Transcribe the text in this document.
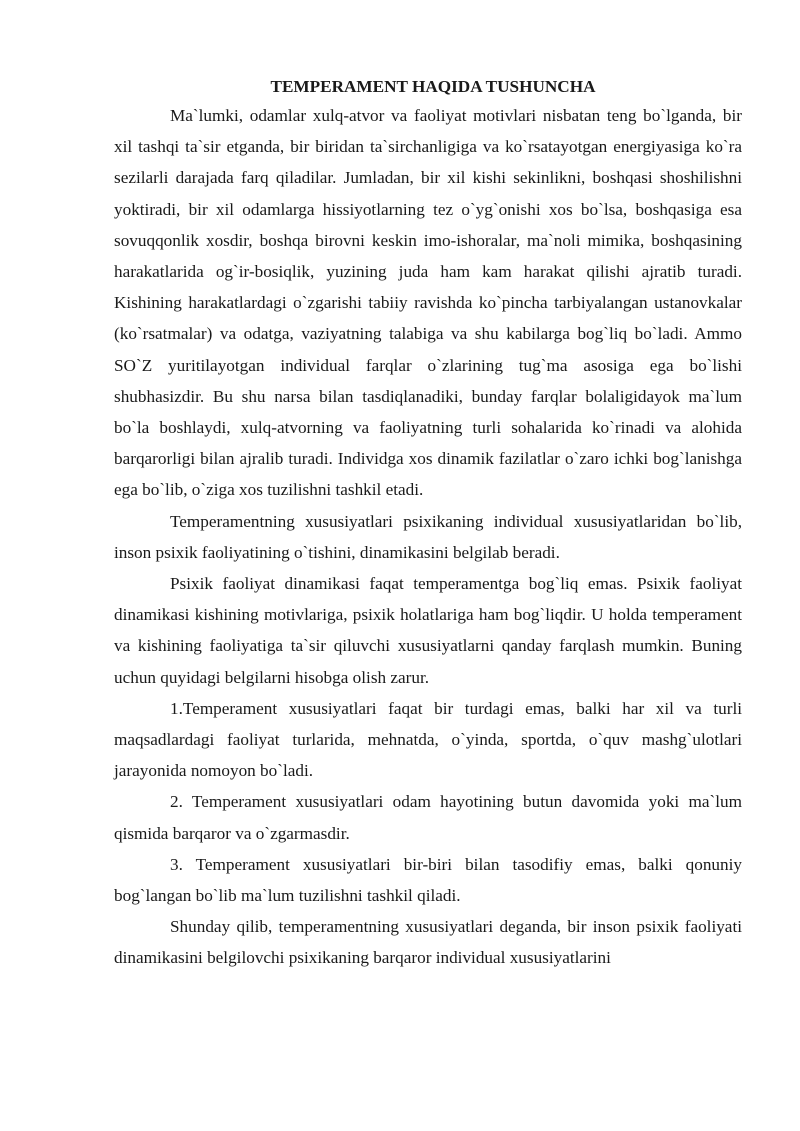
TEMPERAMENT HAQIDA TUSHUNCHA

Ma`lumki, odamlar xulq-atvor va faoliyat motivlari nisbatan teng bo`lganda, bir xil tashqi ta`sir etganda, bir biridan ta`sirchanligiga va ko`rsatayotgan energiyasiga ko`ra sezilarli darajada farq qiladilar. Jumladan, bir xil kishi sekinlikni, boshqasi shoshilishni yoktiradi, bir xil odamlarga hissiyotlarning tez o`yg`onishi xos bo`lsa, boshqasiga esa sovuqqonlik xosdir, boshqa birovni keskin imo-ishoralar, ma`noli mimika, boshqasining harakatlarida og`ir-bosiqlik, yuzining juda ham kam harakat qilishi ajratib turadi. Kishining harakatlardagi o`zgarishi tabiiy ravishda ko`pincha tarbiyalangan ustanovkalar (ko`rsatmalar) va odatga, vaziyatning talabiga va shu kabilarga bog`liq bo`ladi. Ammo SO`Z yuritilayotgan individual farqlar o`zlarining tug`ma asosiga ega bo`lishi shubhasizdir. Bu shu narsa bilan tasdiqlanadiki, bunday farqlar bolaligidayok ma`lum bo`la boshlaydi, xulq-atvorning va faoliyatning turli sohalarida ko`rinadi va alohida barqarorligi bilan ajralib turadi. Individga xos dinamik fazilatlar o`zaro ichki bog`lanishga ega bo`lib, o`ziga xos tuzilishni tashkil etadi.

Temperamentning xususiyatlari psixikaning individual xususiyatlaridan bo`lib, inson psixik faoliyatining o`tishini, dinamikasini belgilab beradi.

Psixik faoliyat dinamikasi faqat temperamentga bog`liq emas. Psixik faoliyat dinamikasi kishining motivlariga, psixik holatlariga ham bog`liqdir. U holda temperament va kishining faoliyatiga ta`sir qiluvchi xususiyatlarni qanday farqlash mumkin. Buning uchun quyidagi belgilarni hisobga olish zarur.

1.Temperament xususiyatlari faqat bir turdagi emas, balki har xil va turli maqsadlardagi faoliyat turlarida, mehnatda, o`yinda, sportda, o`quv mashg`ulotlari jarayonida nomoyon bo`ladi.

2. Temperament xususiyatlari odam hayotining butun davomida yoki ma`lum qismida barqaror va o`zgarmasdir.

3. Temperament xususiyatlari bir-biri bilan tasodifiy emas, balki qonuniy bog`langan bo`lib ma`lum tuzilishni tashkil qiladi.

Shunday qilib, temperamentning xususiyatlari deganda, bir inson psixik faoliyati dinamikasini belgilovchi psixikaning barqaror individual xususiyatlarini
